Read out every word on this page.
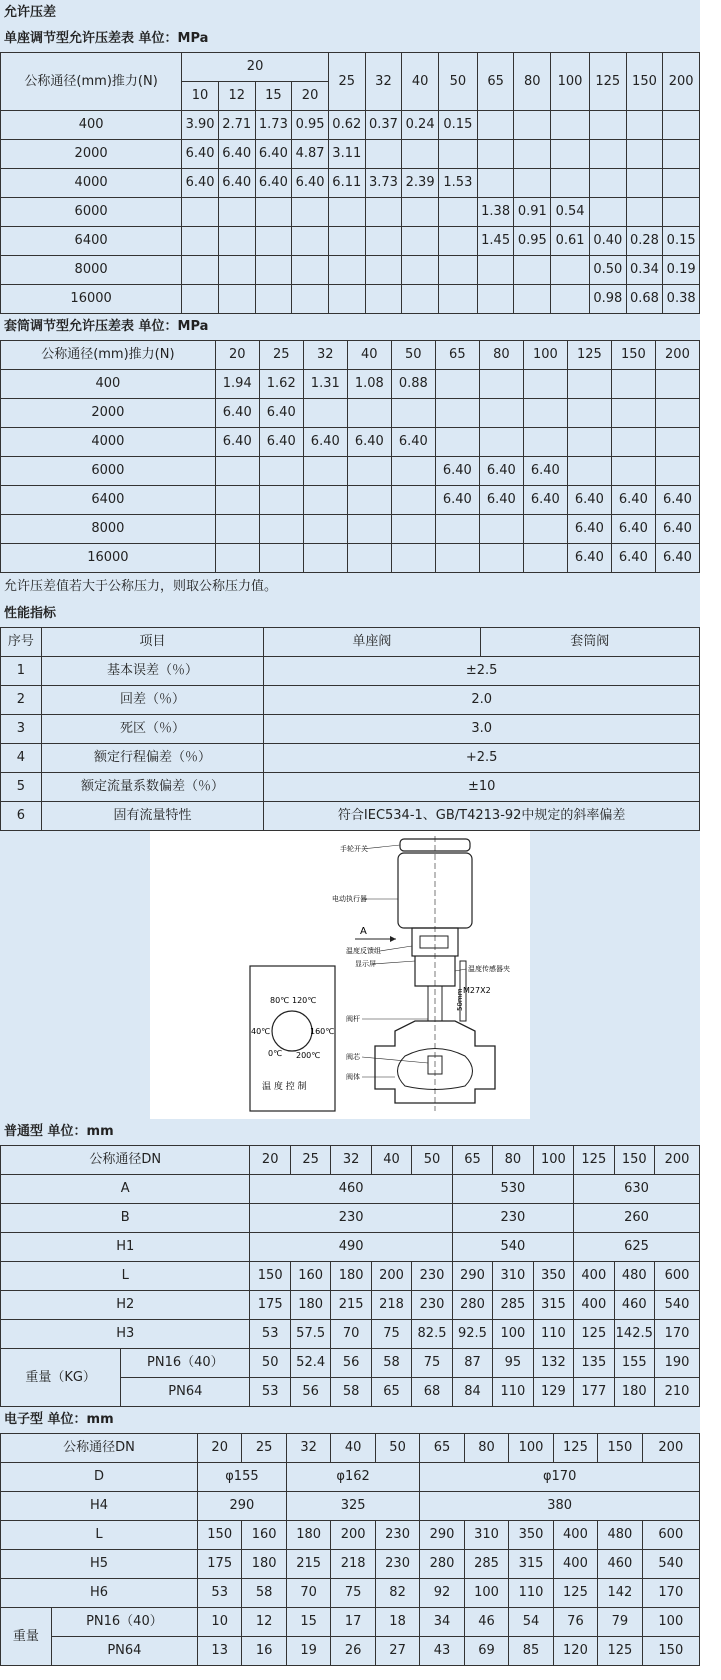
允许压差
单座调节型允许压差表 单位：MPa
公称通径(mm)推力(N)	20				25	32	40	50	65	80	100	125	150	200
	10	12	15	20										
400	3.90	2.71	1.73	0.95	0.62	0.37	0.24	0.15						
2000	6.40	6.40	6.40	4.87	3.11									
4000	6.40	6.40	6.40	6.40	6.11	3.73	2.39	1.53						
6000									1.38	0.91	0.54			
6400									1.45	0.95	0.61	0.40	0.28	0.15
8000												0.50	0.34	0.19
16000												0.98	0.68	0.38
套筒调节型允许压差表 单位：MPa
公称通径(mm)推力(N)	20	25	32	40	50	65	80	100	125	150	200
400	1.94	1.62	1.31	1.08	0.88						
2000	6.40	6.40									
4000	6.40	6.40	6.40	6.40	6.40						
6000						6.40	6.40	6.40			
6400						6.40	6.40	6.40	6.40	6.40	6.40
8000									6.40	6.40	6.40
16000									6.40	6.40	6.40
允许压差值若大于公称压力，则取公称压力值。
性能指标
序号	项目	单座阀	套筒阀
1	基本误差（％）	±2.5	
2	回差（％）	2.0	
3	死区（％）	3.0	
4	额定行程偏差（％）	+2.5	
5	额定流量系数偏差（％）	±10	
6	固有流量特性	符合IEC534-1、GB/T4213-92中规定的斜率偏差	
80℃ 120℃
40℃	160℃
0℃ 200℃
温 度 控 制
A
M27X2
50mm
手轮开关
电动执行器
温度反馈组
显示屏
温度传感器夹
阀杆
阀芯
阀体
普通型 单位：mm
公称通径DN		20	25	32	40	50	65	80	100	125	150	200
A		460					530			630		
B		230					230			260		
H1		490					540			625		
L		150	160	180	200	230	290	310	350	400	480	600
H2		175	180	215	218	230	280	285	315	400	460	540
H3		53	57.5	70	75	82.5	92.5	100	110	125	142.5	170
重量（KG）	PN16（40）	50	52.4	56	58	75	87	95	132	135	155	190
	PN64	53	56	58	65	68	84	110	129	177	180	210
电子型 单位：mm
公称通径DN		20	25	32	40	50	65	80	100	125	150	200
D		φ155		φ162			φ170					
H4		290		325			380					
L		150	160	180	200	230	290	310	350	400	480	600
H5		175	180	215	218	230	280	285	315	400	460	540
H6		53	58	70	75	82	92	100	110	125	142	170
重量	PN16（40）	10	12	15	17	18	34	46	54	76	79	100
	PN64	13	16	19	26	27	43	69	85	120	125	150
